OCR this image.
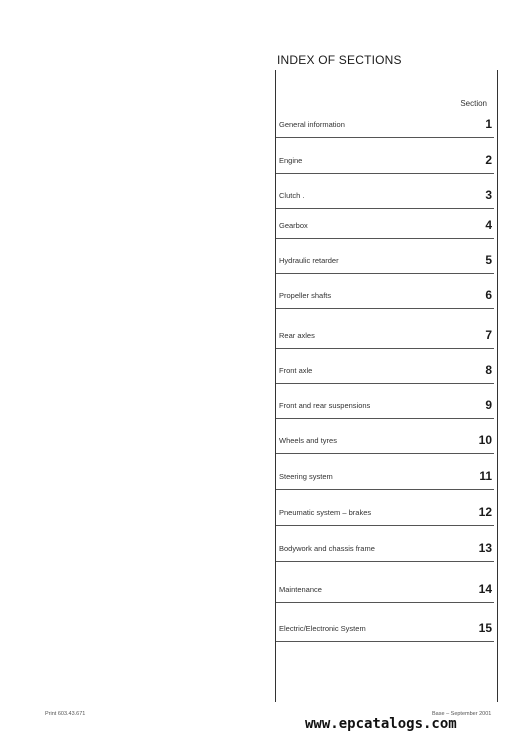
INDEX OF SECTIONS
Section
General information	1
Engine	2
Clutch .	3
Gearbox	4
Hydraulic retarder	5
Propeller shafts	6
Rear axles	7
Front axle	8
Front and rear suspensions	9
Wheels and tyres	10
Steering system	11
Pneumatic system – brakes	12
Bodywork and chassis frame	13
Maintenance	14
Electric/Electronic System	15
Print 603.43.671	Base – September 2001
www.epcatalogs.com
